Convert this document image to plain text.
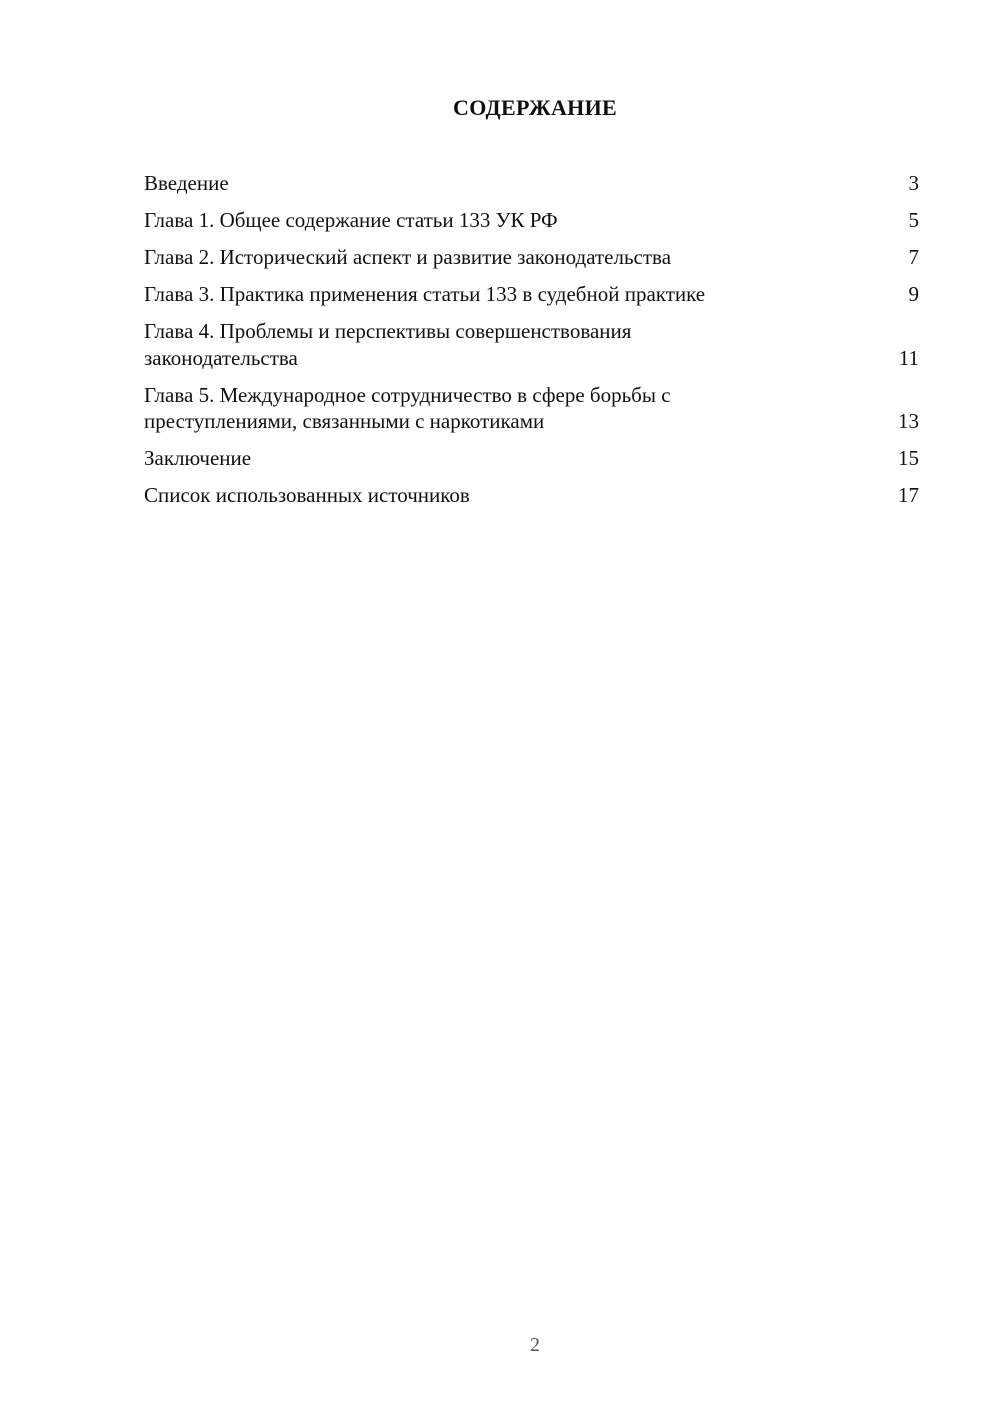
СОДЕРЖАНИЕ
Введение	3
Глава 1. Общее содержание статьи 133 УК РФ	5
Глава 2. Исторический аспект и развитие законодательства	7
Глава 3. Практика применения статьи 133 в судебной практике	9
Глава 4. Проблемы и перспективы совершенствования
законодательства	11
Глава 5. Международное сотрудничество в сфере борьбы с
преступлениями, связанными с наркотиками	13
Заключение	15
Список использованных источников	17
2
